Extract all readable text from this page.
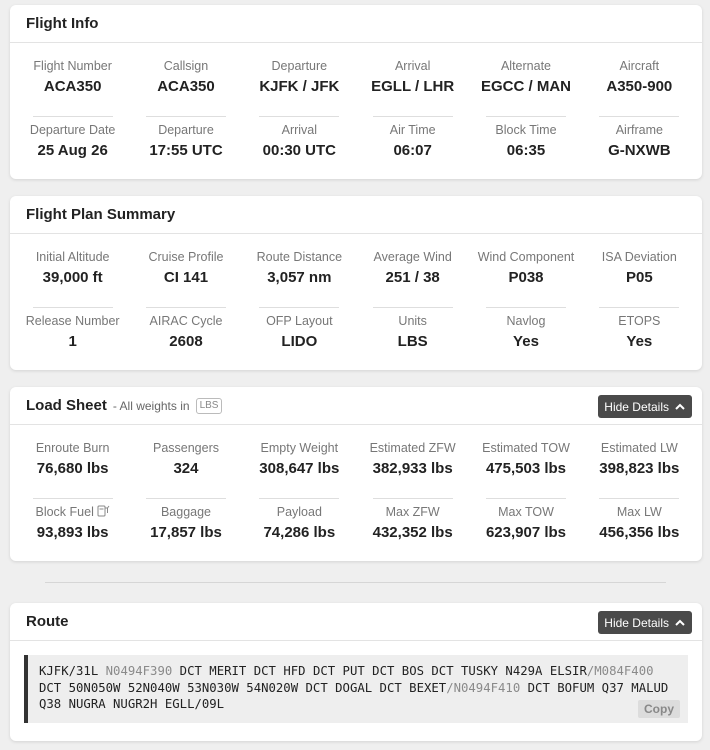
Flight Info
Flight Number
ACA350
Callsign
ACA350
Departure
KJFK / JFK
Arrival
EGLL / LHR
Alternate
EGCC / MAN
Aircraft
A350-900
Departure Date
25 Aug 26
Departure
17:55 UTC
Arrival
00:30 UTC
Air Time
06:07
Block Time
06:35
Airframe
G-NXWB
Flight Plan Summary
Initial Altitude
39,000 ft
Cruise Profile
CI 141
Route Distance
3,057 nm
Average Wind
251 / 38
Wind Component
P038
ISA Deviation
P05
Release Number
1
AIRAC Cycle
2608
OFP Layout
LIDO
Units
LBS
Navlog
Yes
ETOPS
Yes
Load Sheet - All weights in	LBS	Hide Details
Enroute Burn
76,680 lbs
Passengers
324
Empty Weight
308,647 lbs
Estimated ZFW
382,933 lbs
Estimated TOW
475,503 lbs
Estimated LW
398,823 lbs
Block Fuel
93,893 lbs
Baggage
17,857 lbs
Payload
74,286 lbs
Max ZFW
432,352 lbs
Max TOW
623,907 lbs
Max LW
456,356 lbs
Route	Hide Details
KJFK/31L N0494F390 DCT MERIT DCT HFD DCT PUT DCT BOS DCT TUSKY N429A ELSIR/M084F400 DCT 50N050W 52N040W 53N030W 54N020W DCT DOGAL DCT BEXET/N0494F410 DCT BOFUM Q37 MALUD Q38 NUGRA NUGR2H EGLL/09L	Copy
